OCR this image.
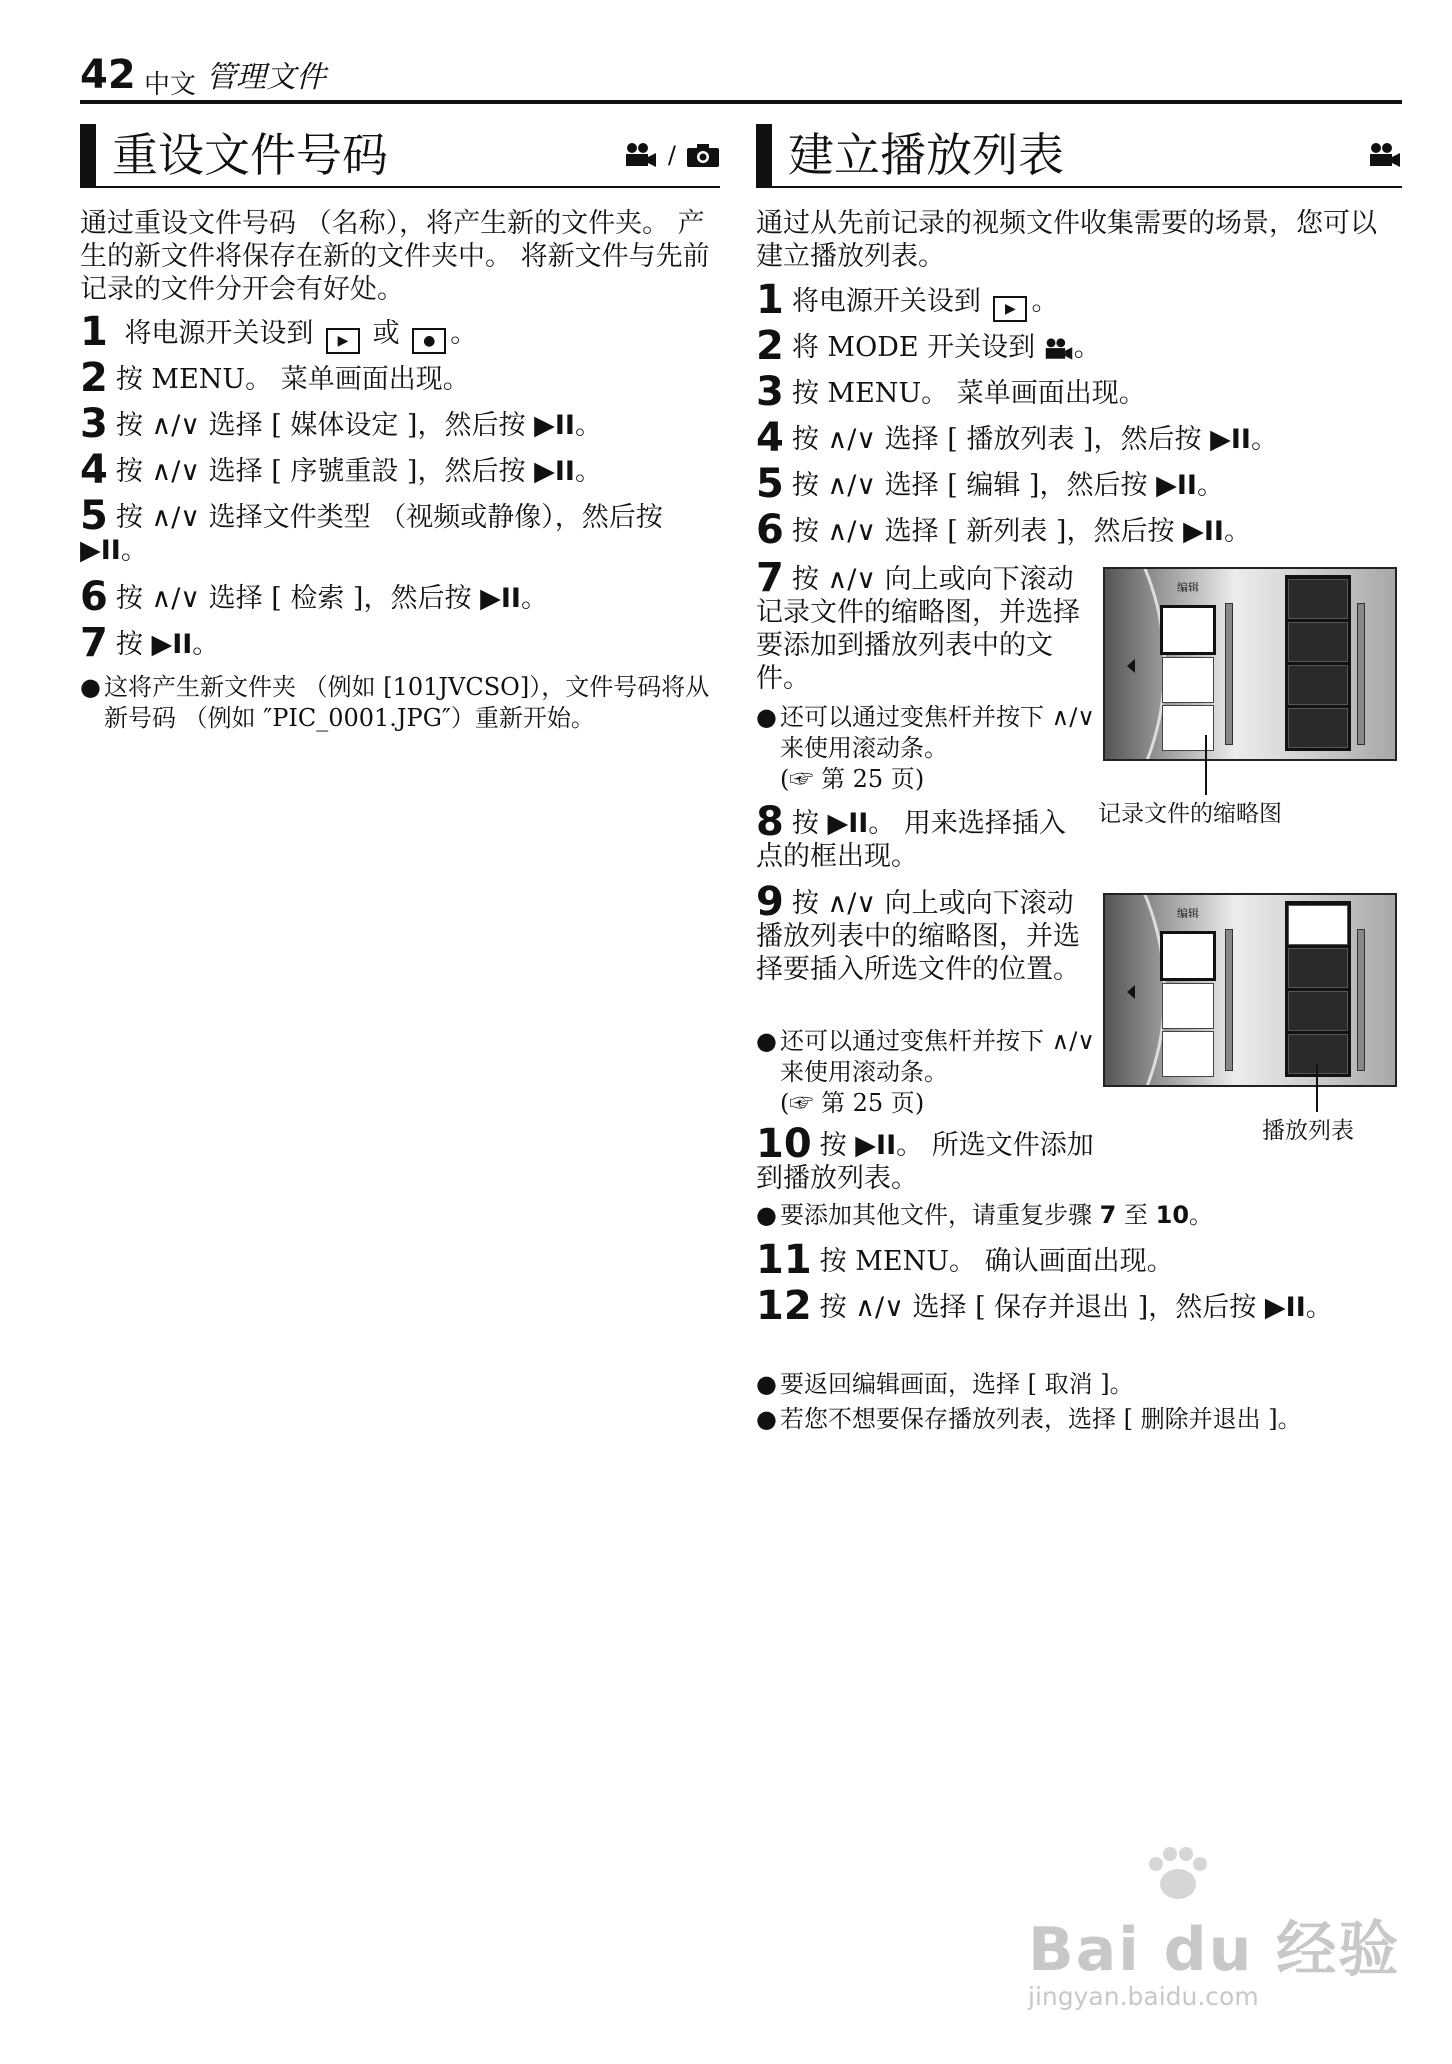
42 中文 管理文件
重设文件号码	/
通过重设文件号码 （名称），将产生新的文件夹。 产生的新文件将保存在新的文件夹中。 将新文件与先前记录的文件分开会有好处。
1 将电源开关设到 ▶ 或 ● 。
2 按 MENU。 菜单画面出现。
3 按 ∧/∨ 选择 [ 媒体设定 ]，然后按 ▶II。
4 按 ∧/∨ 选择 [ 序號重設 ]，然后按 ▶II。
5 按 ∧/∨ 选择文件类型 （视频或静像），然后按 ▶II。
6 按 ∧/∨ 选择 [ 检索 ]，然后按 ▶II。
7 按 ▶II。
● 这将产生新文件夹 （例如 [101JVCSO]），文件号码将从新号码 （例如 ″PIC_0001.JPG″）重新开始。
建立播放列表
通过从先前记录的视频文件收集需要的场景，您可以建立播放列表。
1 将电源开关设到 ▶ 。
2 将 MODE 开关设到 。
3 按 MENU。 菜单画面出现。
4 按 ∧/∨ 选择 [ 播放列表 ]，然后按 ▶II。
5 按 ∧/∨ 选择 [ 编辑 ]，然后按 ▶II。
6 按 ∧/∨ 选择 [ 新列表 ]，然后按 ▶II。
7 按 ∧/∨ 向上或向下滚动记录文件的缩略图，并选择要添加到播放列表中的文件。
● 还可以通过变焦杆并按下 ∧/∨ 来使用滚动条。
(☞ 第 25 页)
编辑
记录文件的缩略图
8 按 ▶II。 用来选择插入点的框出现。
9 按 ∧/∨ 向上或向下滚动播放列表中的缩略图，并选择要插入所选文件的位置。
● 还可以通过变焦杆并按下 ∧/∨ 来使用滚动条。
(☞ 第 25 页)
编辑
播放列表
10 按 ▶II。 所选文件添加到播放列表。
● 要添加其他文件，请重复步骤 7 至 10。
11 按 MENU。 确认画面出现。
12 按 ∧/∨ 选择 [ 保存并退出 ]，然后按 ▶II。
● 要返回编辑画面，选择 [ 取消 ]。
● 若您不想要保存播放列表，选择 [ 删除并退出 ]。
Bai du 经验
jingyan.baidu.com
